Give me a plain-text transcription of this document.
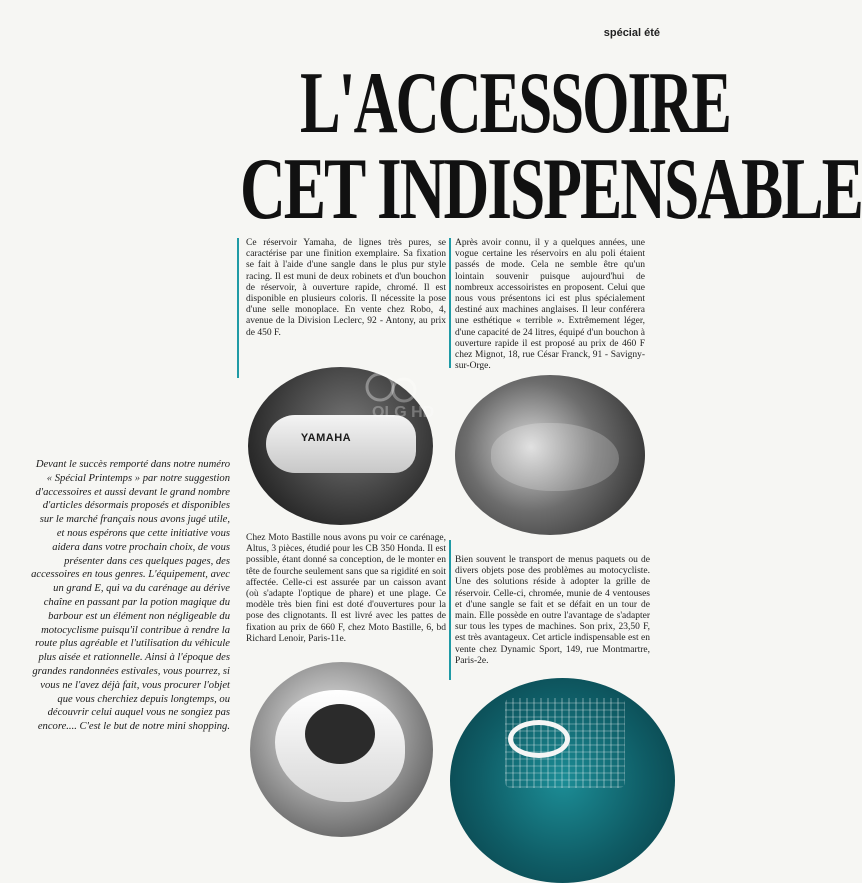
spécial été
L'ACCESSOIRE
CET INDISPENSABLE
Ce réservoir Yamaha, de lignes très pures, se caractérise par une finition exemplaire. Sa fixation se fait à l'aide d'une sangle dans le plus pur style racing. Il est muni de deux robinets et d'un bouchon de réservoir, à ouverture rapide, chromé. Il est disponible en plusieurs coloris. Il nécessite la pose d'une selle monoplace. En vente chez Robo, 4, avenue de la Division Leclerc, 92 - Antony, au prix de 450 F.
Après avoir connu, il y a quelques années, une vogue certaine les réservoirs en alu poli étaient passés de mode. Cela ne semble être qu'un lointain souvenir puisque aujourd'hui de nombreux accessoiristes en proposent. Celui que nous vous présentons ici est plus spécialement destiné aux machines anglaises. Il leur conférera une esthétique « terrible ». Extrêmement léger, d'une capacité de 24 litres, équipé d'un bouchon à ouverture rapide il est proposé au prix de 460 F chez Mignot, 18, rue César Franck, 91 - Savigny-sur-Orge.
Chez Moto Bastille nous avons pu voir ce carénage, Altus, 3 pièces, étudié pour les CB 350 Honda. Il est possible, étant donné sa conception, de le monter en tête de fourche seulement sans que sa rigidité en soit affectée. Celle-ci est assurée par un caisson avant (où s'adapte l'optique de phare) et une plage. Ce modèle très bien fini est doté d'ouvertures pour la pose des clignotants. Il est livré avec les pattes de fixation au prix de 660 F, chez Moto Bastille, 6, bd Richard Lenoir, Paris-11e.
Bien souvent le transport de menus paquets ou de divers objets pose des problèmes au motocycliste. Une des solutions réside à adopter la grille de réservoir. Celle-ci, chromée, munie de 4 ventouses et d'une sangle se fait et se défait en un tour de main. Elle possède en outre l'avantage de s'adapter sur tous les types de machines. Son prix, 23,50 F, est très avantageux. Cet article indispensable est en vente chez Dynamic Sport, 149, rue Montmartre, Paris-2e.
Devant le succès remporté dans notre numéro « Spécial Printemps » par notre suggestion d'accessoires et aussi devant le grand nombre d'articles désormais proposés et disponibles sur le marché français nous avons jugé utile, et nous espérons que cette initiative vous aidera dans votre prochain choix, de vous présenter dans ces quelques pages, des accessoires en tous genres. L'équipement, avec un grand E, qui va du carénage au dérive chaîne en passant par la potion magique du barbour est un élément non négligeable du motocyclisme puisqu'il contribue à rendre la route plus agréable et l'utilisation du véhicule plus aisée et rationnelle. Ainsi à l'époque des grandes randonnées estivales, vous pourrez, si vous ne l'avez déjà fait, vous procurer l'objet que vous cherchiez depuis longtemps, ou découvrir celui auquel vous ne songiez pas encore.... C'est le but de notre mini shopping.
YAMAHA
OLG HD
